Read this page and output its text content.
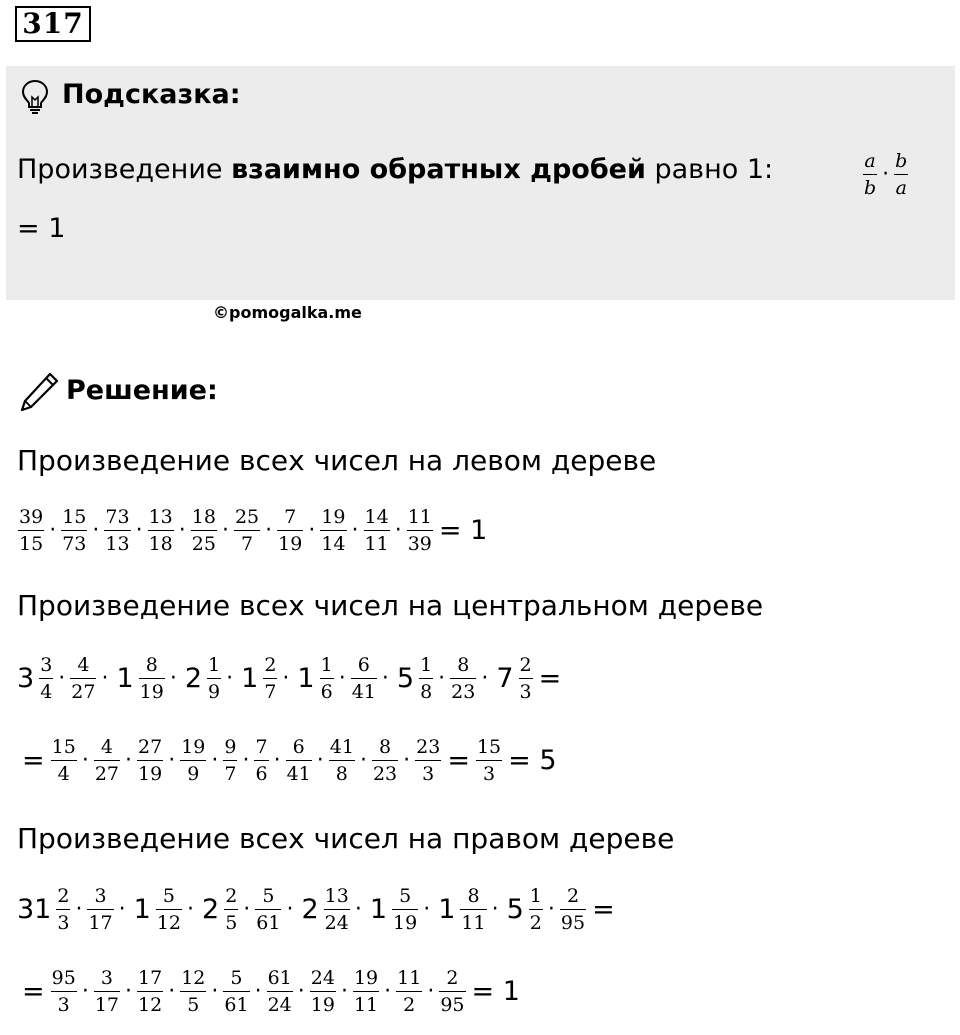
317
Подсказка:
Произведение взаимно обратных дробей равно 1:	$\frac{a}{b} \cdot \frac{b}{a}$
= 1
©pomogalka.me
Решение:
Произведение всех чисел на левом дереве
$\frac{39}{15} \cdot \frac{15}{73} \cdot \frac{73}{13} \cdot \frac{13}{18} \cdot \frac{18}{25} \cdot \frac{25}{7} \cdot \frac{7}{19} \cdot \frac{19}{14} \cdot \frac{14}{11} \cdot \frac{11}{39} = 1$
Произведение всех чисел на центральном дереве
$3 \frac{3}{4} \cdot \frac{4}{27} \cdot 1 \frac{8}{19} \cdot 2 \frac{1}{9} \cdot 1 \frac{2}{7} \cdot 1 \frac{1}{6} \cdot \frac{6}{41} \cdot 5 \frac{1}{8} \cdot \frac{8}{23} \cdot 7 \frac{2}{3}$ =
= $\frac{15}{4} \cdot \frac{4}{27} \cdot \frac{27}{19} \cdot \frac{19}{9} \cdot \frac{9}{7} \cdot \frac{7}{6} \cdot \frac{6}{41} \cdot \frac{41}{8} \cdot \frac{8}{23} \cdot \frac{23}{3} = \frac{15}{3} = 5$
Произведение всех чисел на правом дереве
$31 \frac{2}{3} \cdot \frac{3}{17} \cdot 1 \frac{5}{12} \cdot 2 \frac{2}{5} \cdot \frac{5}{61} \cdot 2 \frac{13}{24} \cdot 1 \frac{5}{19} \cdot 1 \frac{8}{11} \cdot 5 \frac{1}{2} \cdot \frac{2}{95}$ =
= $\frac{95}{3} \cdot \frac{3}{17} \cdot \frac{17}{12} \cdot \frac{12}{5} \cdot \frac{5}{61} \cdot \frac{61}{24} \cdot \frac{24}{19} \cdot \frac{19}{11} \cdot \frac{11}{2} \cdot \frac{2}{95} = 1$
